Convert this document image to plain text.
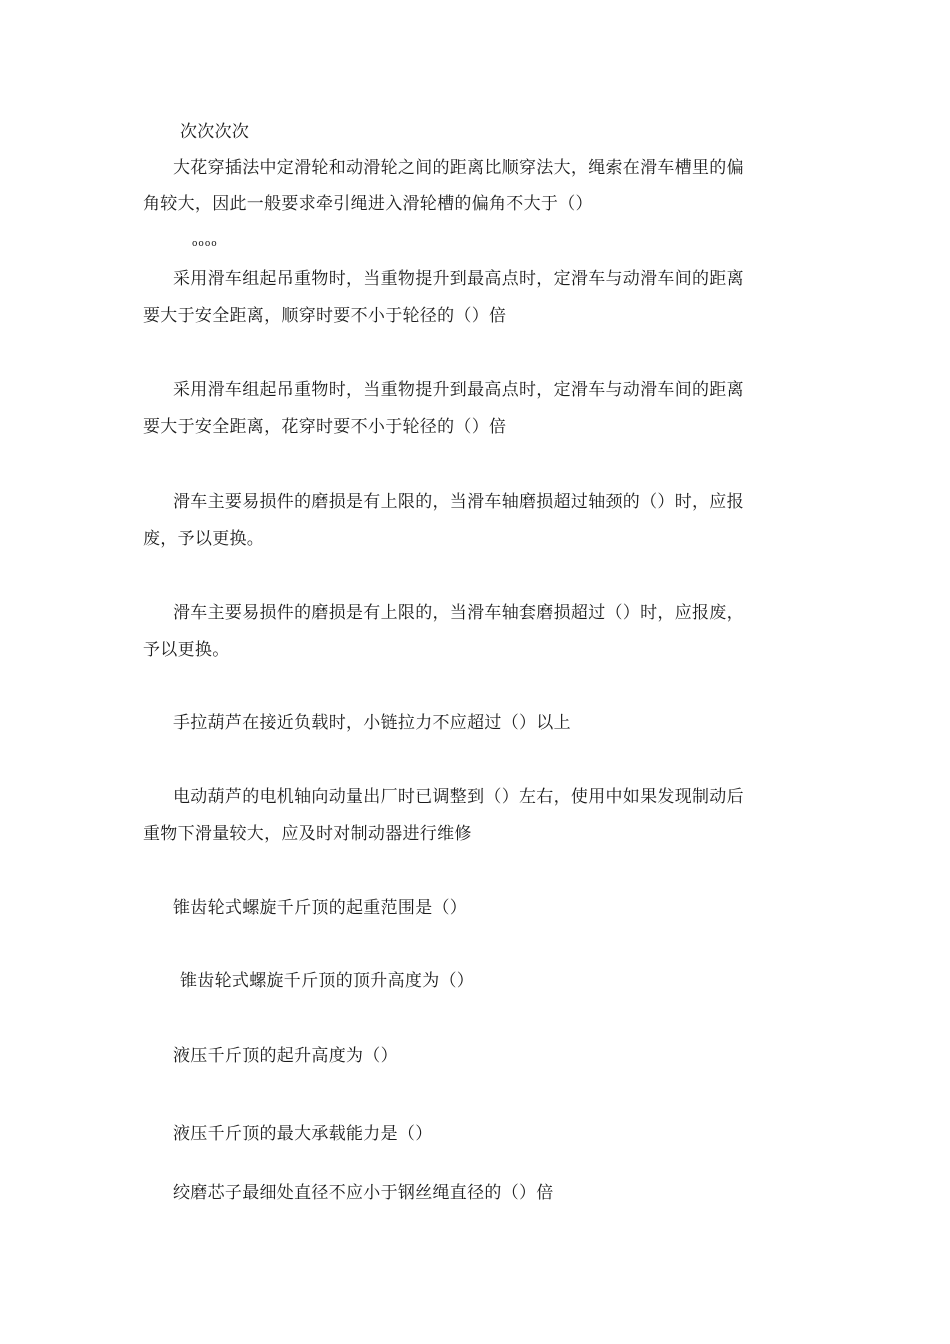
次次次次
大花穿插法中定滑轮和动滑轮之间的距离比顺穿法大，绳索在滑车槽里的偏
角较大，因此一般要求牵引绳进入滑轮槽的偏角不大于（）
oooo
采用滑车组起吊重物时，当重物提升到最高点时，定滑车与动滑车间的距离
要大于安全距离，顺穿时要不小于轮径的（）倍
采用滑车组起吊重物时，当重物提升到最高点时，定滑车与动滑车间的距离
要大于安全距离，花穿时要不小于轮径的（）倍
滑车主要易损件的磨损是有上限的，当滑车轴磨损超过轴颈的（）时，应报
废，予以更换。
滑车主要易损件的磨损是有上限的，当滑车轴套磨损超过（）时，应报废，
予以更换。
手拉葫芦在接近负载时，小链拉力不应超过（）以上
电动葫芦的电机轴向动量出厂时已调整到（）左右，使用中如果发现制动后
重物下滑量较大，应及时对制动器进行维修
锥齿轮式螺旋千斤顶的起重范围是（）
锥齿轮式螺旋千斤顶的顶升高度为（）
液压千斤顶的起升高度为（）
液压千斤顶的最大承载能力是（）
绞磨芯子最细处直径不应小于钢丝绳直径的（）倍
